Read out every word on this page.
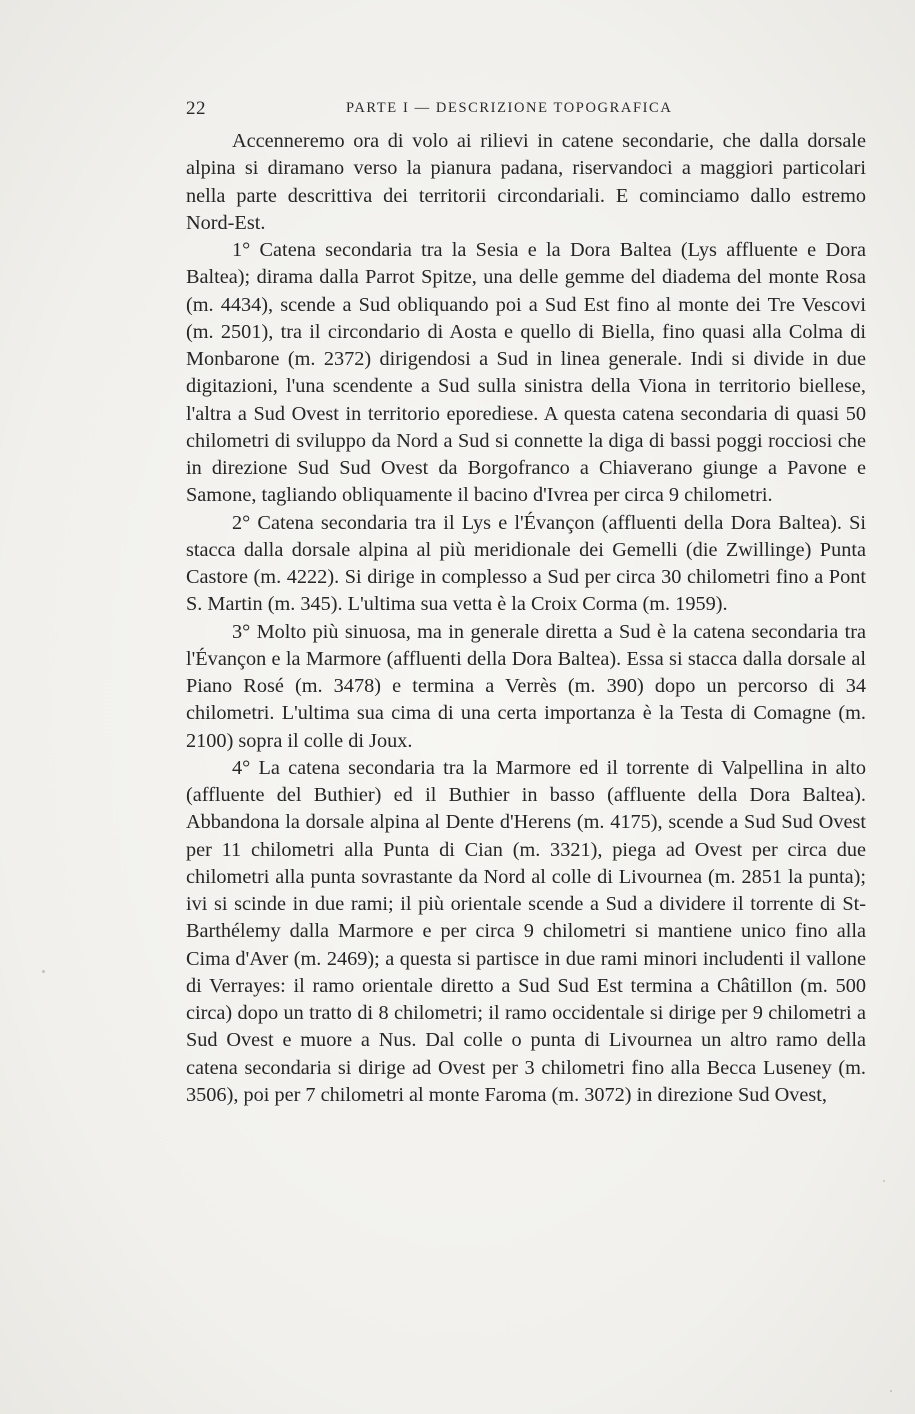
22	PARTE I — DESCRIZIONE TOPOGRAFICA

Accenneremo ora di volo ai rilievi in catene secondarie, che dalla dorsale alpina si diramano verso la pianura padana, riservandoci a maggiori particolari nella parte descrittiva dei territorii circondariali. E cominciamo dallo estremo Nord-Est.

1° Catena secondaria tra la Sesia e la Dora Baltea (Lys affluente e Dora Baltea); dirama dalla Parrot Spitze, una delle gemme del diadema del monte Rosa (m. 4434), scende a Sud obliquando poi a Sud Est fino al monte dei Tre Vescovi (m. 2501), tra il circondario di Aosta e quello di Biella, fino quasi alla Colma di Monbarone (m. 2372) dirigendosi a Sud in linea generale. Indi si divide in due digitazioni, l'una scendente a Sud sulla sinistra della Viona in territorio biellese, l'altra a Sud Ovest in territorio eporediese. A questa catena secondaria di quasi 50 chilometri di sviluppo da Nord a Sud si connette la diga di bassi poggi rocciosi che in direzione Sud Sud Ovest da Borgofranco a Chiaverano giunge a Pavone e Samone, tagliando obliquamente il bacino d'Ivrea per circa 9 chilometri.

2° Catena secondaria tra il Lys e l'Évançon (affluenti della Dora Baltea). Si stacca dalla dorsale alpina al più meridionale dei Gemelli (die Zwillinge) Punta Castore (m. 4222). Si dirige in complesso a Sud per circa 30 chilometri fino a Pont S. Martin (m. 345). L'ultima sua vetta è la Croix Corma (m. 1959).

3° Molto più sinuosa, ma in generale diretta a Sud è la catena secondaria tra l'Évançon e la Marmore (affluenti della Dora Baltea). Essa si stacca dalla dorsale al Piano Rosé (m. 3478) e termina a Verrès (m. 390) dopo un percorso di 34 chilometri. L'ultima sua cima di una certa importanza è la Testa di Comagne (m. 2100) sopra il colle di Joux.

4° La catena secondaria tra la Marmore ed il torrente di Valpellina in alto (affluente del Buthier) ed il Buthier in basso (affluente della Dora Baltea). Abbandona la dorsale alpina al Dente d'Herens (m. 4175), scende a Sud Sud Ovest per 11 chilometri alla Punta di Cian (m. 3321), piega ad Ovest per circa due chilometri alla punta sovrastante da Nord al colle di Livournea (m. 2851 la punta); ivi si scinde in due rami; il più orientale scende a Sud a dividere il torrente di St-Barthélemy dalla Marmore e per circa 9 chilometri si mantiene unico fino alla Cima d'Aver (m. 2469); a questa si partisce in due rami minori includenti il vallone di Verrayes: il ramo orientale diretto a Sud Sud Est termina a Châtillon (m. 500 circa) dopo un tratto di 8 chilometri; il ramo occidentale si dirige per 9 chilometri a Sud Ovest e muore a Nus. Dal colle o punta di Livournea un altro ramo della catena secondaria si dirige ad Ovest per 3 chilometri fino alla Becca Luseney (m. 3506), poi per 7 chilometri al monte Faroma (m. 3072) in direzione Sud Ovest,
